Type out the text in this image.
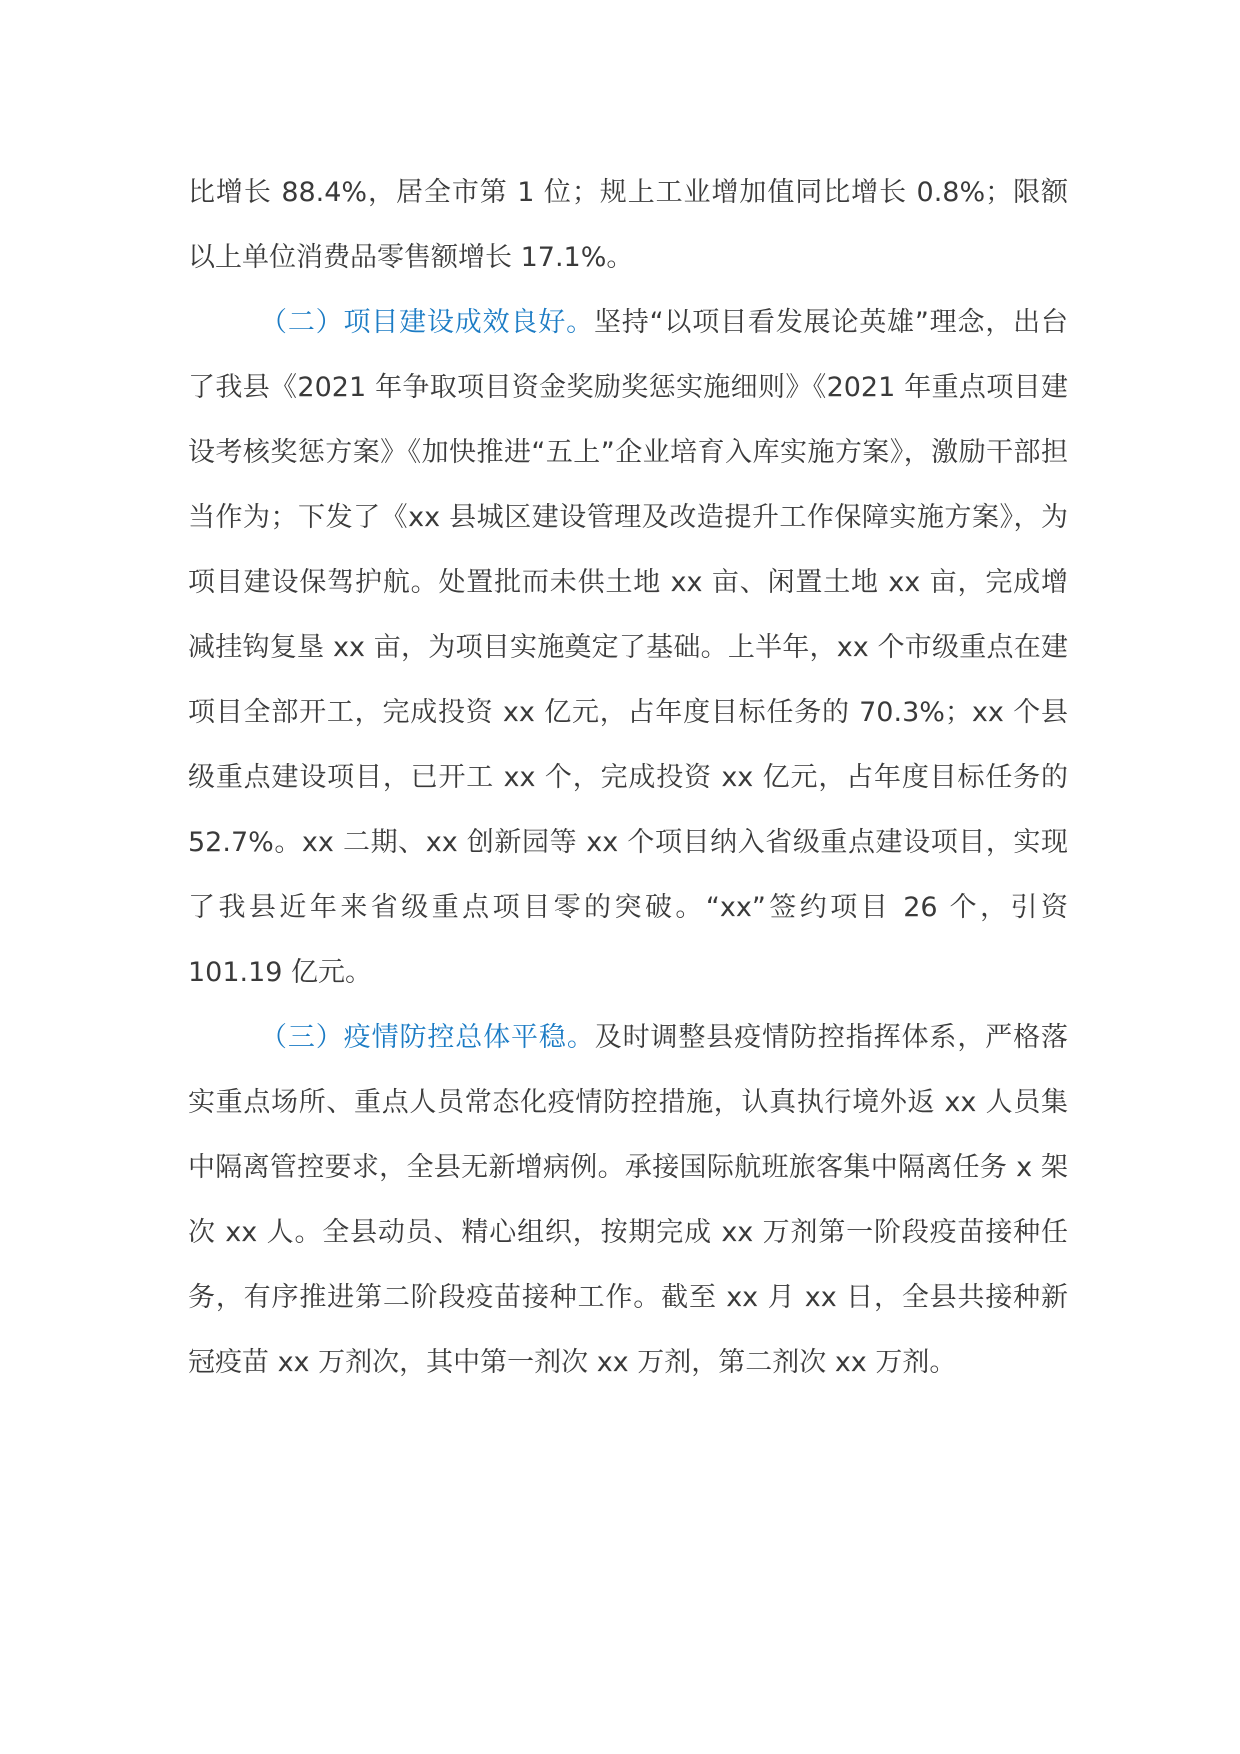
比增长 88.4%，居全市第 1 位；规上工业增加值同比增长 0.8%；限额以上单位消费品零售额增长 17.1%。

（二）项目建设成效良好。坚持“以项目看发展论英雄”理念，出台了我县《2021 年争取项目资金奖励奖惩实施细则》《2021 年重点项目建设考核奖惩方案》《加快推进“五上”企业培育入库实施方案》，激励干部担当作为；下发了《xx 县城区建设管理及改造提升工作保障实施方案》，为项目建设保驾护航。处置批而未供土地 xx 亩、闲置土地 xx 亩，完成增减挂钩复垦 xx 亩，为项目实施奠定了基础。上半年，xx 个市级重点在建项目全部开工，完成投资 xx 亿元，占年度目标任务的 70.3%；xx 个县级重点建设项目，已开工 xx 个，完成投资 xx 亿元，占年度目标任务的 52.7%。xx 二期、xx 创新园等 xx 个项目纳入省级重点建设项目，实现了我县近年来省级重点项目零的突破。“xx”签约项目 26 个，引资 101.19 亿元。

（三）疫情防控总体平稳。及时调整县疫情防控指挥体系，严格落实重点场所、重点人员常态化疫情防控措施，认真执行境外返 xx 人员集中隔离管控要求，全县无新增病例。承接国际航班旅客集中隔离任务 x 架次 xx 人。全县动员、精心组织，按期完成 xx 万剂第一阶段疫苗接种任务，有序推进第二阶段疫苗接种工作。截至 xx 月 xx 日，全县共接种新冠疫苗 xx 万剂次，其中第一剂次 xx 万剂，第二剂次 xx 万剂。
